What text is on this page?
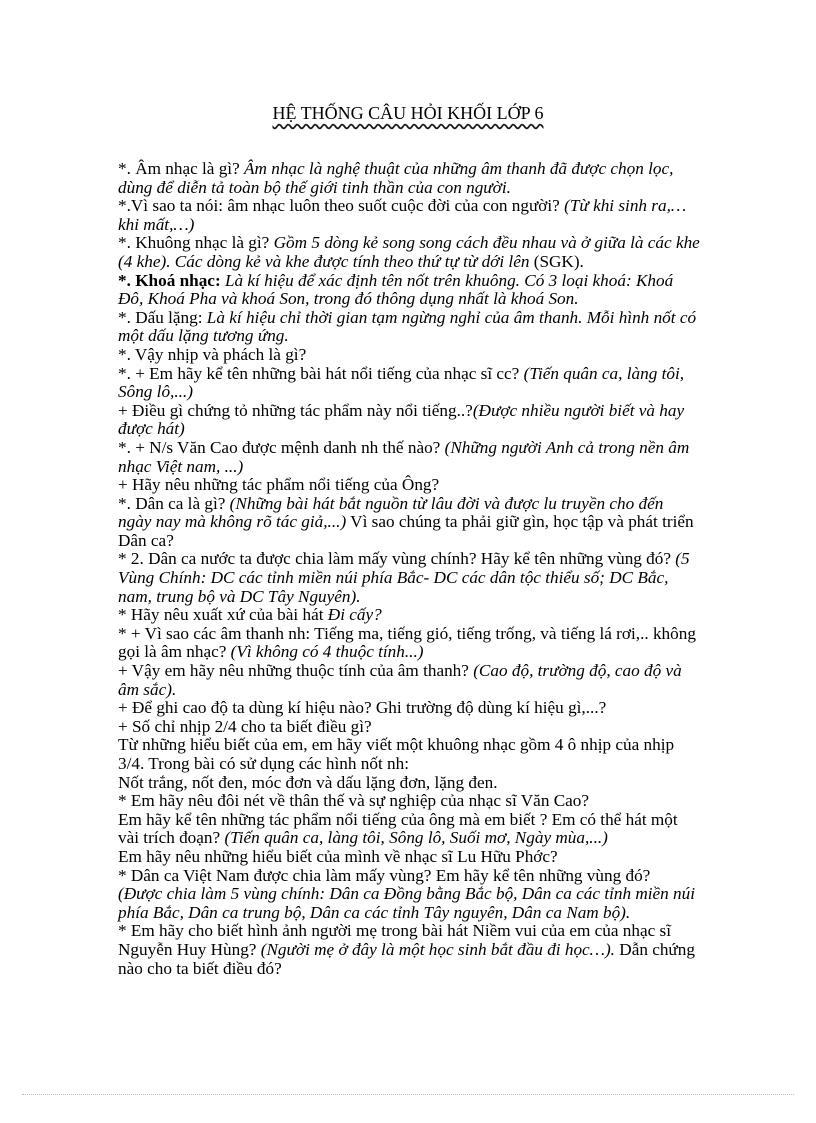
HỆ THỐNG CÂU HỎI KHỐI LỚP 6

*. Âm nhạc là gì? Âm nhạc là nghệ thuật của những âm thanh đã được chọn lọc, dùng để diễn tả toàn bộ thế giới tinh thần của con người.

*.Vì sao ta nói: âm nhạc luôn theo suốt cuộc đời của con người? (Từ khi sinh ra,… khi mất,…)

*. Khuông nhạc là gì? Gồm 5 dòng kẻ song song cách đều nhau và ở giữa là các khe (4 khe). Các dòng kẻ và khe được tính theo thứ tự từ dới lên (SGK).

*. Khoá nhạc: Là kí hiệu để xác định tên nốt trên khuông. Có 3 loại khoá: Khoá Đô, Khoá Pha và khoá Son, trong đó thông dụng nhất là khoá Son.

*. Dấu lặng: Là kí hiệu chỉ thời gian tạm ngừng nghỉ của âm thanh. Mỗi hình nốt có một dấu lặng tương ứng.

*. Vậy nhịp và phách là gì?

*. + Em hãy kể tên những bài hát nổi tiếng của nhạc sĩ cc? (Tiến quân ca, làng tôi, Sông lô,...)

+ Điều gì chứng tỏ những tác phẩm này nổi tiếng..?(Được nhiều người biết và hay được hát)

*. + N/s Văn Cao được mệnh danh nh thế nào? (Những người Anh cả trong nền âm nhạc Việt nam, ...)

+ Hãy nêu những tác phẩm nổi tiếng của Ông?

*. Dân ca là gì? (Những bài hát bắt nguồn từ lâu đời và được lu truyền cho đến ngày nay mà không rõ tác giả,...) Vì sao chúng ta phải giữ gìn, học tập và phát triển Dân ca?

* 2. Dân ca nước ta được chia làm mấy vùng chính? Hãy kể tên những vùng đó? (5 Vùng Chính: DC các tỉnh miền núi phía Bắc- DC các dân tộc thiểu số; DC Bắc, nam, trung bộ và DC Tây Nguyên).

* Hãy nêu xuất xứ của bài hát Đi cấy?

* + Vì sao các âm thanh nh: Tiếng ma, tiếng gió, tiếng trống, và tiếng lá rơi,.. không gọi là âm nhạc? (Vì không có 4 thuộc tính...)

+ Vậy em hãy nêu những thuộc tính của âm thanh? (Cao độ, trường độ, cao độ và âm sắc).

+ Để ghi cao độ ta dùng kí hiệu nào? Ghi trường độ dùng kí hiệu gì,...?

+ Số chỉ nhịp 2/4 cho ta biết điều gì?

Từ những hiểu biết của em, em hãy viết một khuông nhạc gồm 4 ô nhịp của nhịp 3/4. Trong bài có sử dụng các hình nốt nh:

Nốt trắng, nốt đen, móc đơn và dấu lặng đơn, lặng đen.

* Em hãy nêu đôi nét về thân thế và sự nghiệp của nhạc sĩ Văn Cao?

Em hãy kể tên những tác phẩm nổi tiếng của ông mà em biết ? Em có thể hát một vài trích đoạn? (Tiến quân ca, làng tôi, Sông lô, Suối mơ, Ngày mùa,...)

Em hãy nêu những hiểu biết của mình về nhạc sĩ Lu Hữu Phớc?

* Dân ca Việt Nam được chia làm mấy vùng? Em hãy kể tên những vùng đó?

(Được chia làm 5 vùng chính: Dân ca Đồng bằng Bắc bộ, Dân ca các tỉnh miền núi phía Bắc, Dân ca trung bộ, Dân ca các tỉnh Tây nguyên, Dân ca Nam bộ).

* Em hãy cho biết hình ảnh người mẹ trong bài hát Niềm vui của em của nhạc sĩ Nguyễn Huy Hùng? (Người mẹ ở đây là một học sinh bắt đầu đi học…). Dẫn chứng nào cho ta biết điều đó?
